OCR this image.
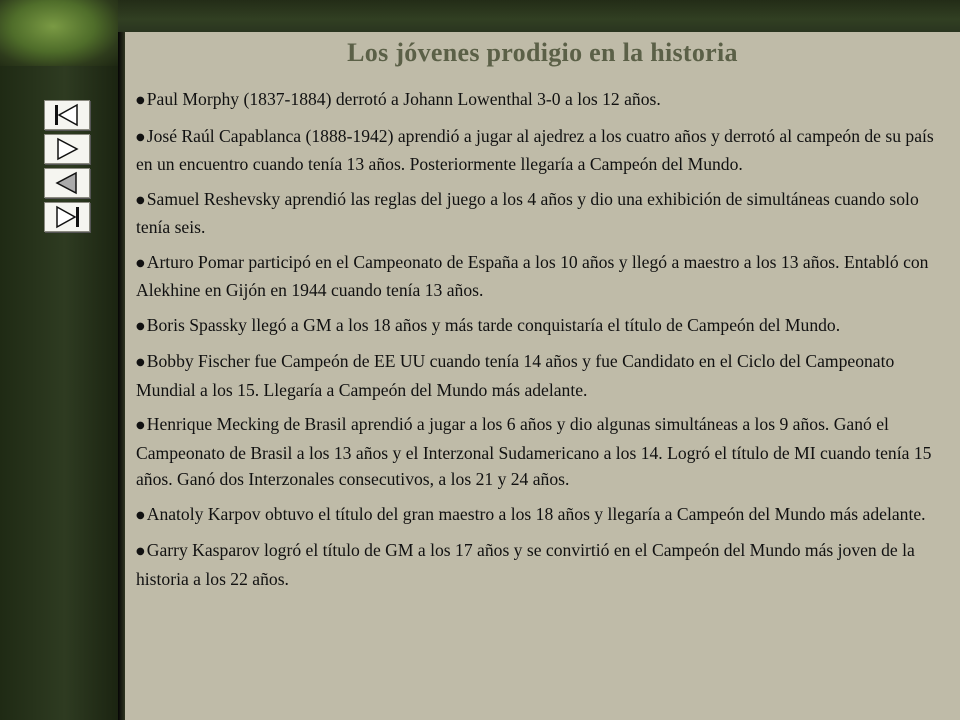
Los jóvenes prodigio en la historia

● Paul Morphy (1837-1884) derrotó a Johann Lowenthal 3-0 a los 12 años.

● José Raúl Capablanca (1888-1942) aprendió a jugar al ajedrez a los cuatro años y derrotó al campeón de su país en un encuentro cuando tenía 13 años. Posteriormente llegaría a Campeón del Mundo.

● Samuel Reshevsky aprendió las reglas del juego a los 4 años y dio una exhibición de simultáneas cuando solo tenía seis.

● Arturo Pomar participó en el Campeonato de España a los 10 años y llegó a maestro a los 13 años. Entabló con Alekhine en Gijón en 1944 cuando tenía 13 años.

● Boris Spassky llegó a GM a los 18 años y más tarde conquistaría el título de Campeón del Mundo.

● Bobby Fischer fue Campeón de EE UU cuando tenía 14 años y fue Candidato en el Ciclo del Campeonato Mundial a los 15. Llegaría a Campeón del Mundo más adelante.

● Henrique Mecking de Brasil aprendió a jugar a los 6 años y dio algunas simultáneas a los 9 años. Ganó el Campeonato de Brasil a los 13 años y el Interzonal Sudamericano a los 14. Logró el título de MI cuando tenía 15 años. Ganó dos Interzonales consecutivos, a los 21 y 24 años.

● Anatoly Karpov obtuvo el título del gran maestro a los 18 años y llegaría a Campeón del Mundo más adelante.

● Garry Kasparov logró el título de GM a los 17 años y se convirtió en el Campeón del Mundo más joven de la historia a los 22 años.
